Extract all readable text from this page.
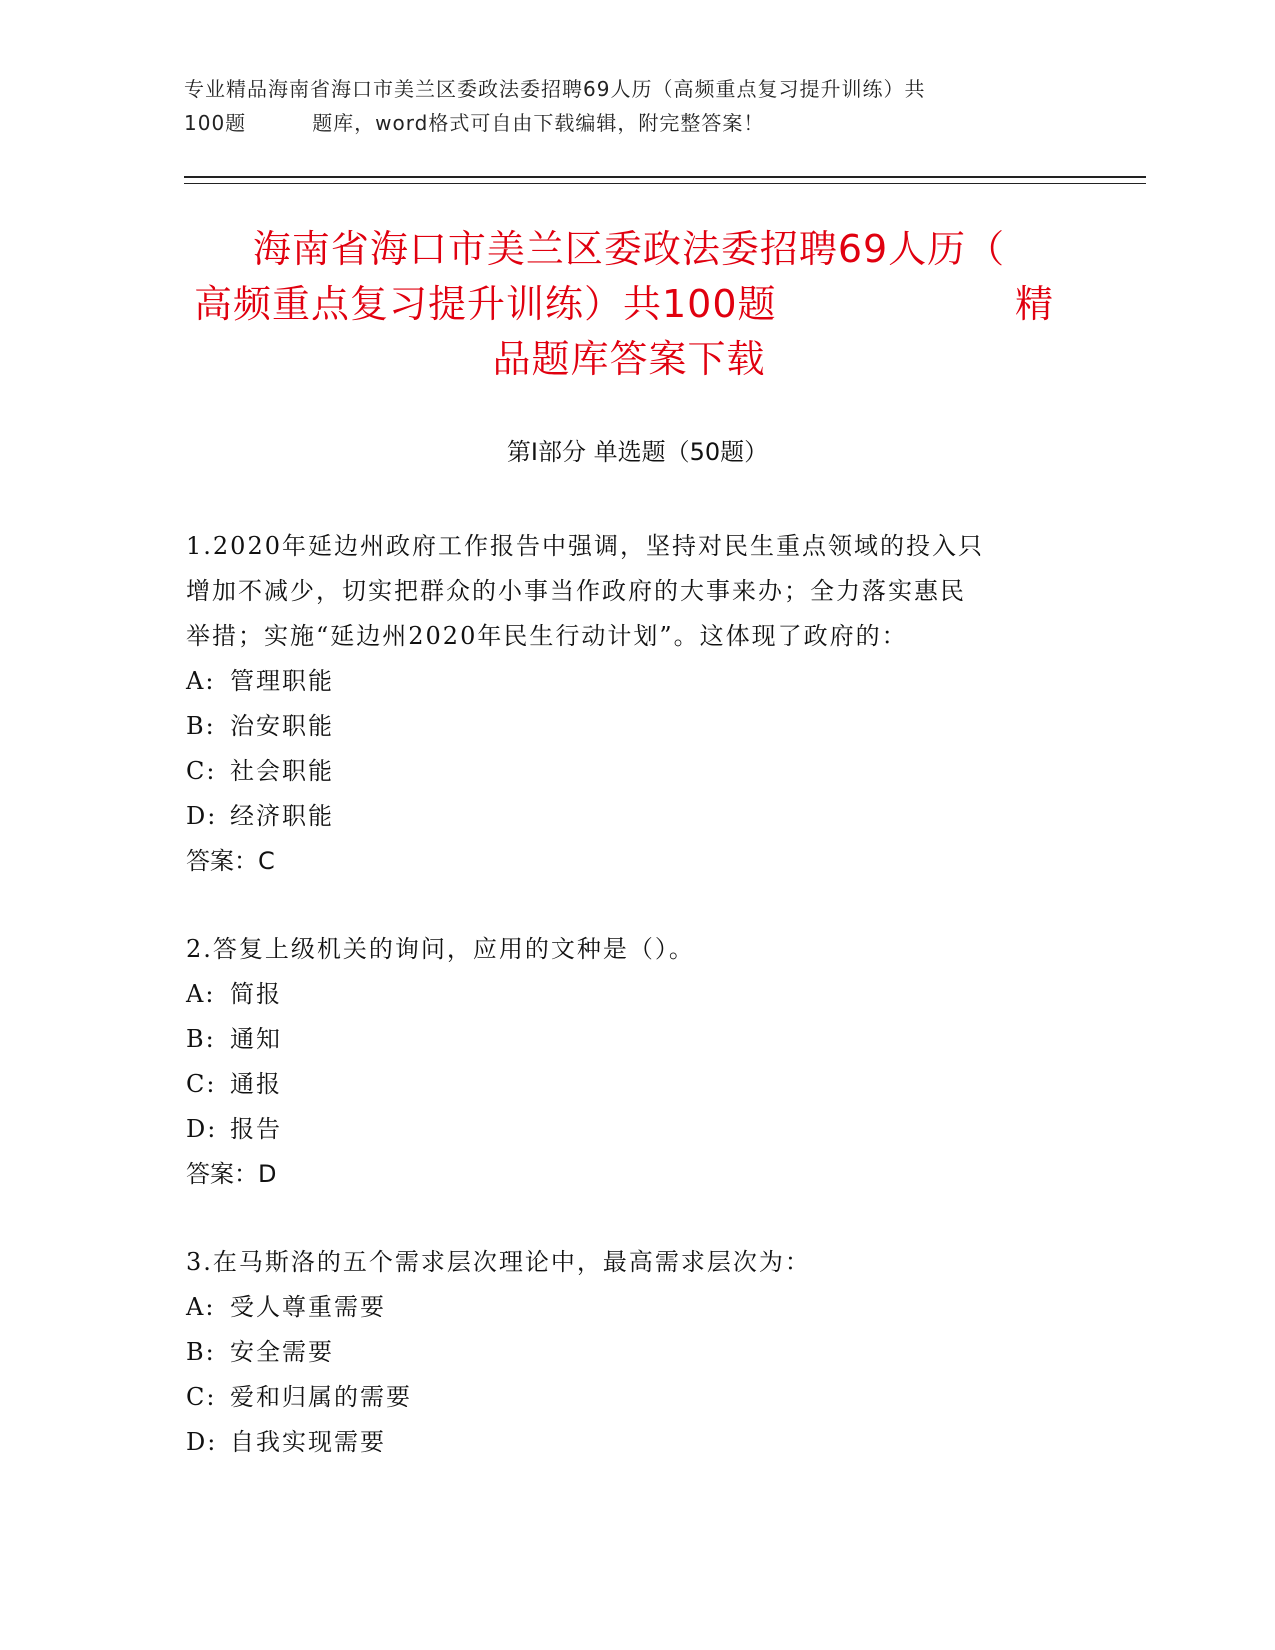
专业精品海南省海口市美兰区委政法委招聘69人历（高频重点复习提升训练）共
100题	题库，word格式可自由下载编辑，附完整答案！
海南省海口市美兰区委政法委招聘69人历（
高频重点复习提升训练）共100题	精
品题库答案下载
第Ⅰ部分 单选题（50题）
1.2020年延边州政府工作报告中强调，坚持对民生重点领域的投入只
增加不减少，切实把群众的小事当作政府的大事来办；全力落实惠民
举措；实施“延边州2020年民生行动计划”。这体现了政府的：
A: 管理职能
B: 治安职能
C: 社会职能
D: 经济职能
答案：C
2.答复上级机关的询问，应用的文种是（）。
A: 简报
B: 通知
C: 通报
D: 报告
答案：D
3.在马斯洛的五个需求层次理论中，最高需求层次为：
A: 受人尊重需要
B: 安全需要
C: 爱和归属的需要
D: 自我实现需要
